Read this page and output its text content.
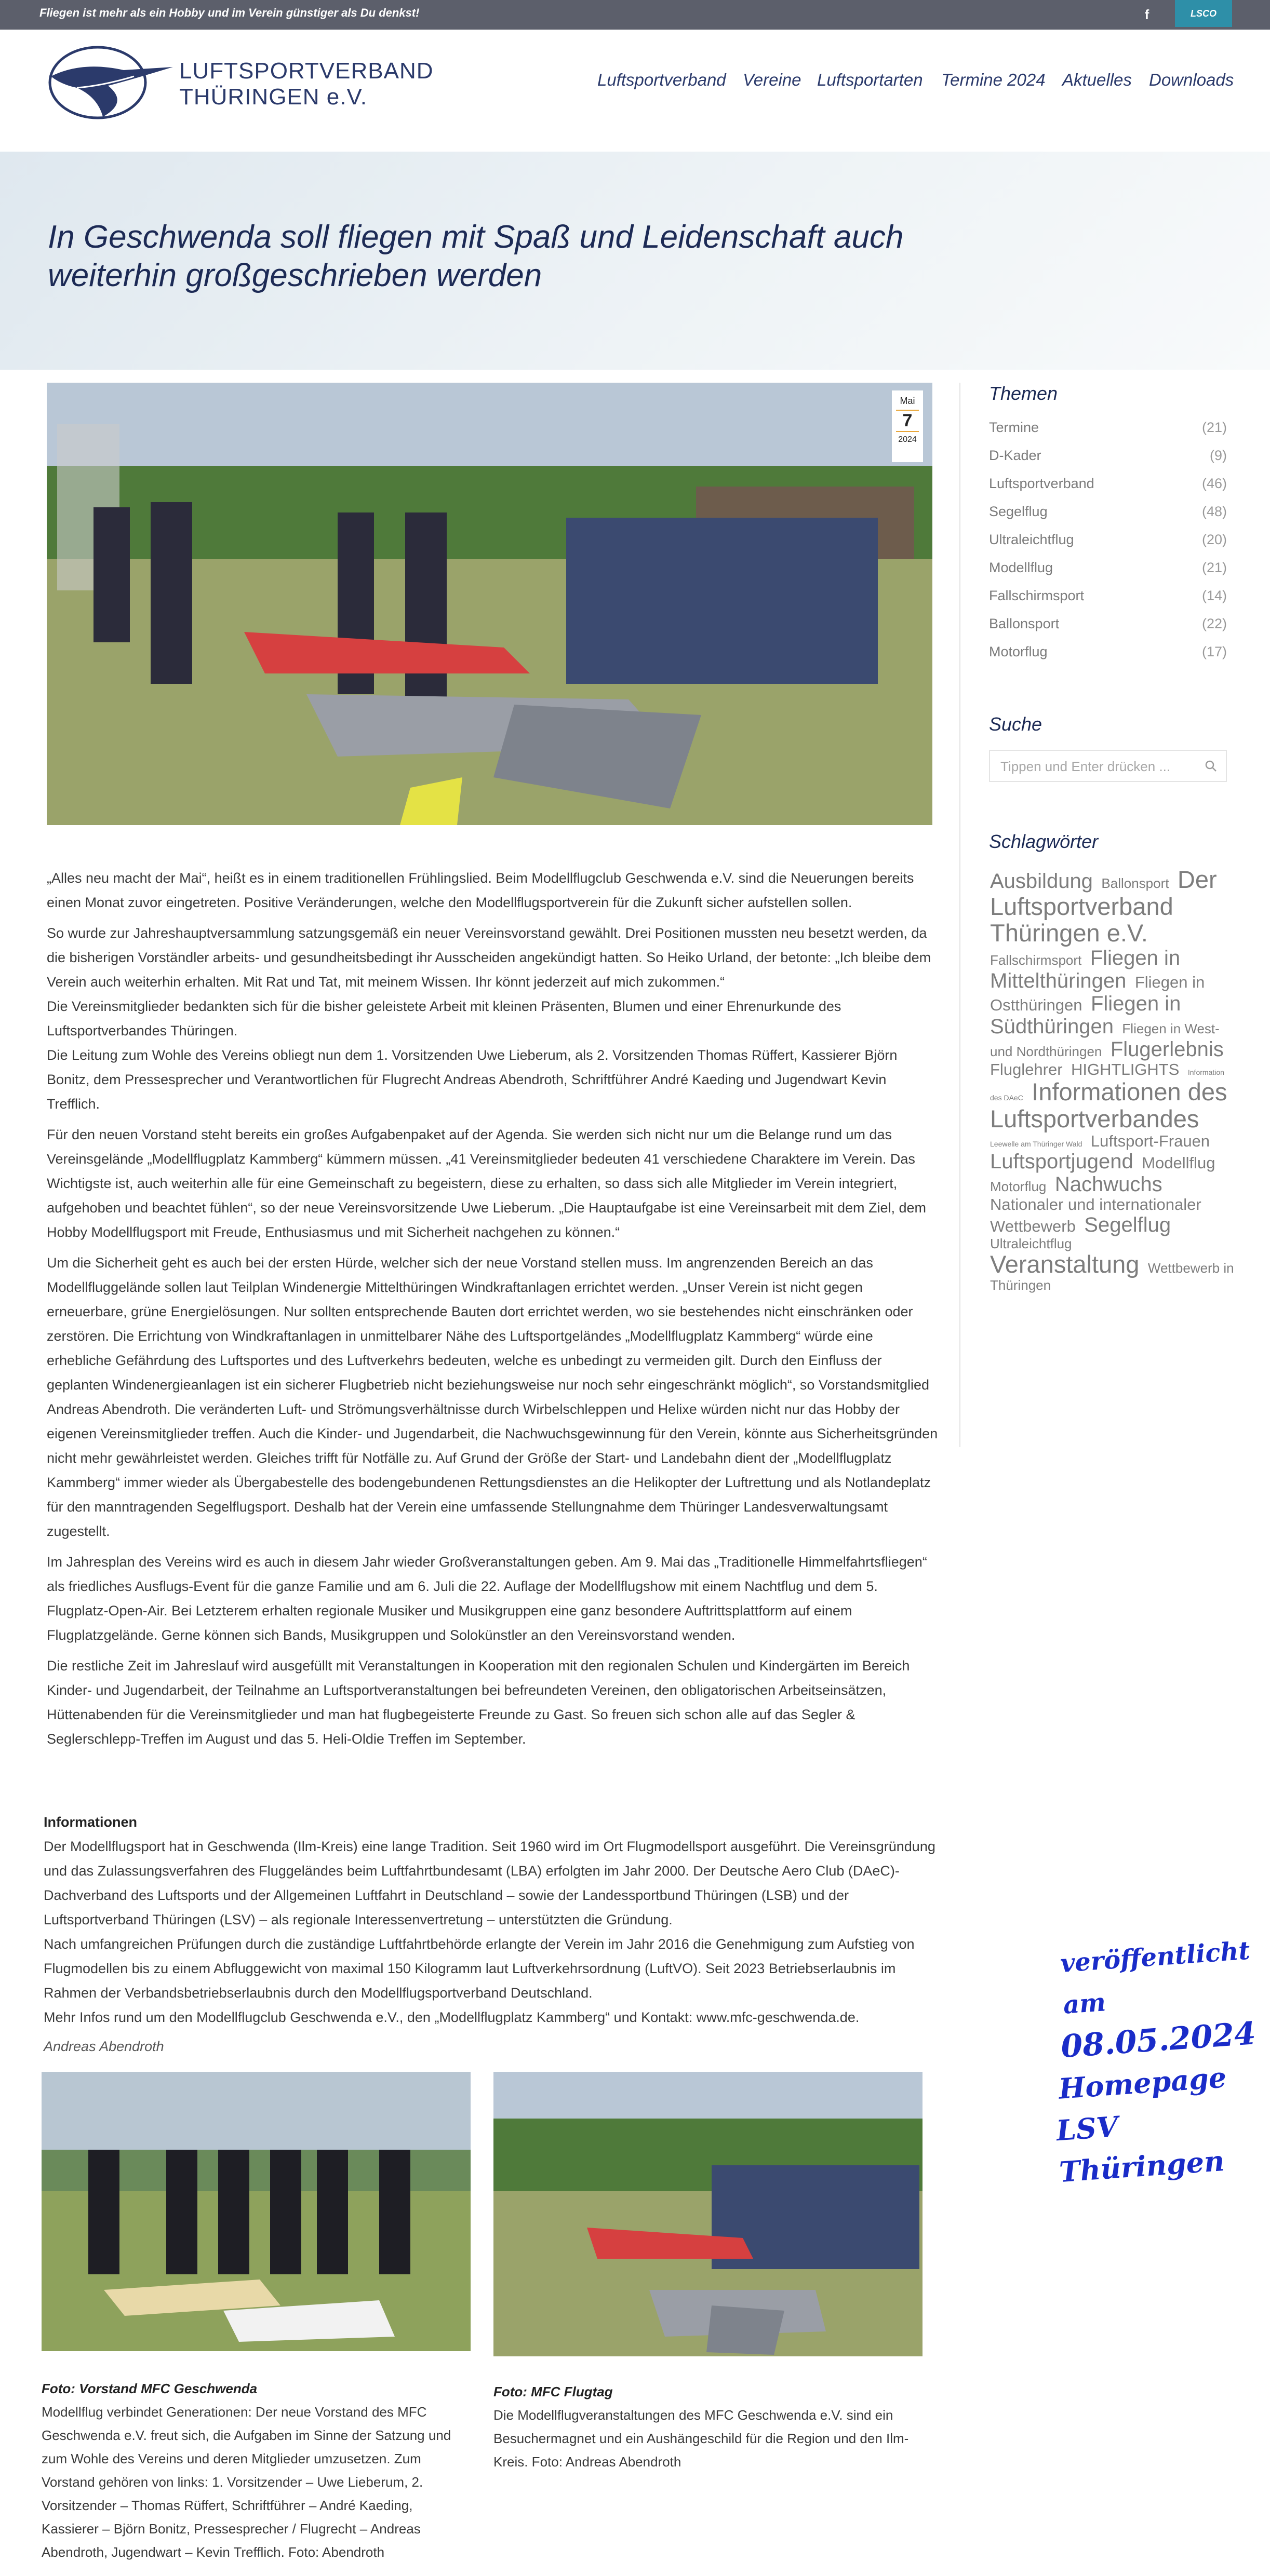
Fliegen ist mehr als ein Hobby und im Verein günstiger als Du denkst!	f	LSCO
LUFTSPORTVERBAND
THÜRINGEN e.V.
Luftsportverband Vereine Luftsportarten Termine 2024 Aktuelles Downloads
In Geschwenda soll fliegen mit Spaß und Leidenschaft auch weiterhin großgeschrieben werden
Mai
7
2024

„Alles neu macht der Mai“, heißt es in einem traditionellen Frühlingslied. Beim Modellflugclub Geschwenda e.V. sind die Neuerungen bereits einen Monat zuvor eingetreten. Positive Veränderungen, welche den Modellflugsportverein für die Zukunft sicher aufstellen sollen.

So wurde zur Jahreshauptversammlung satzungsgemäß ein neuer Vereinsvorstand gewählt. Drei Positionen mussten neu besetzt werden, da die bisherigen Vorständler arbeits- und gesundheitsbedingt ihr Ausscheiden angekündigt hatten. So Heiko Urland, der betonte: „Ich bleibe dem Verein auch weiterhin erhalten. Mit Rat und Tat, mit meinem Wissen. Ihr könnt jederzeit auf mich zukommen.“
Die Vereinsmitglieder bedankten sich für die bisher geleistete Arbeit mit kleinen Präsenten, Blumen und einer Ehrenurkunde des Luftsportverbandes Thüringen.
Die Leitung zum Wohle des Vereins obliegt nun dem 1. Vorsitzenden Uwe Lieberum, als 2. Vorsitzenden Thomas Rüffert, Kassierer Björn Bonitz, dem Pressesprecher und Verantwortlichen für Flugrecht Andreas Abendroth, Schriftführer André Kaeding und Jugendwart Kevin Trefflich.

Für den neuen Vorstand steht bereits ein großes Aufgabenpaket auf der Agenda. Sie werden sich nicht nur um die Belange rund um das Vereinsgelände „Modellflugplatz Kammberg“ kümmern müssen. „41 Vereinsmitglieder bedeuten 41 verschiedene Charaktere im Verein. Das Wichtigste ist, auch weiterhin alle für eine Gemeinschaft zu begeistern, diese zu erhalten, so dass sich alle Mitglieder im Verein integriert, aufgehoben und beachtet fühlen“, so der neue Vereinsvorsitzende Uwe Lieberum. „Die Hauptaufgabe ist eine Vereinsarbeit mit dem Ziel, dem Hobby Modellflugsport mit Freude, Enthusiasmus und mit Sicherheit nachgehen zu können.“

Um die Sicherheit geht es auch bei der ersten Hürde, welcher sich der neue Vorstand stellen muss. Im angrenzenden Bereich an das Modellfluggelände sollen laut Teilplan Windenergie Mittelthüringen Windkraftanlagen errichtet werden. „Unser Verein ist nicht gegen erneuerbare, grüne Energielösungen. Nur sollten entsprechende Bauten dort errichtet werden, wo sie bestehendes nicht einschränken oder zerstören. Die Errichtung von Windkraftanlagen in unmittelbarer Nähe des Luftsportgeländes „Modellflugplatz Kammberg“ würde eine erhebliche Gefährdung des Luftsportes und des Luftverkehrs bedeuten, welche es unbedingt zu vermeiden gilt. Durch den Einfluss der geplanten Windenergieanlagen ist ein sicherer Flugbetrieb nicht beziehungsweise nur noch sehr eingeschränkt möglich“, so Vorstandsmitglied Andreas Abendroth. Die veränderten Luft- und Strömungsverhältnisse durch Wirbelschleppen und Helixe würden nicht nur das Hobby der eigenen Vereinsmitglieder treffen. Auch die Kinder- und Jugendarbeit, die Nachwuchsgewinnung für den Verein, könnte aus Sicherheitsgründen nicht mehr gewährleistet werden. Gleiches trifft für Notfälle zu. Auf Grund der Größe der Start- und Landebahn dient der „Modellflugplatz Kammberg“ immer wieder als Übergabestelle des bodengebundenen Rettungsdienstes an die Helikopter der Luftrettung und als Notlandeplatz für den manntragenden Segelflugsport. Deshalb hat der Verein eine umfassende Stellungnahme dem Thüringer Landesverwaltungsamt zugestellt.

Im Jahresplan des Vereins wird es auch in diesem Jahr wieder Großveranstaltungen geben. Am 9. Mai das „Traditionelle Himmelfahrtsfliegen“ als friedliches Ausflugs-Event für die ganze Familie und am 6. Juli die 22. Auflage der Modellflugshow mit einem Nachtflug und dem 5. Flugplatz-Open-Air. Bei Letzterem erhalten regionale Musiker und Musikgruppen eine ganz besondere Auftrittsplattform auf einem Flugplatzgelände. Gerne können sich Bands, Musikgruppen und Solokünstler an den Vereinsvorstand wenden.

Die restliche Zeit im Jahreslauf wird ausgefüllt mit Veranstaltungen in Kooperation mit den regionalen Schulen und Kindergärten im Bereich Kinder- und Jugendarbeit, der Teilnahme an Luftsportveranstaltungen bei befreundeten Vereinen, den obligatorischen Arbeitseinsätzen, Hüttenabenden für die Vereinsmitglieder und man hat flugbegeisterte Freunde zu Gast. So freuen sich schon alle auf das Segler & Seglerschlepp-Treffen im August und das 5. Heli-Oldie Treffen im September.

Informationen
Der Modellflugsport hat in Geschwenda (Ilm-Kreis) eine lange Tradition. Seit 1960 wird im Ort Flugmodellsport ausgeführt. Die Vereinsgründung und das Zulassungsverfahren des Fluggeländes beim Luftfahrtbundesamt (LBA) erfolgten im Jahr 2000. Der Deutsche Aero Club (DAeC)- Dachverband des Luftsports und der Allgemeinen Luftfahrt in Deutschland – sowie der Landessportbund Thüringen (LSB) und der Luftsportverband Thüringen (LSV) – als regionale Interessenvertretung – unterstützten die Gründung.
Nach umfangreichen Prüfungen durch die zuständige Luftfahrtbehörde erlangte der Verein im Jahr 2016 die Genehmigung zum Aufstieg von Flugmodellen bis zu einem Abfluggewicht von maximal 150 Kilogramm laut Luftverkehrsordnung (LuftVO). Seit 2023 Betriebserlaubnis im Rahmen der Verbandsbetriebserlaubnis durch den Modellflugsportverband Deutschland.
Mehr Infos rund um den Modellflugclub Geschwenda e.V., den „Modellflugplatz Kammberg“ und Kontakt: www.mfc-geschwenda.de.
Andreas Abendroth
Foto: Vorstand MFC Geschwenda
Modellflug verbindet Generationen: Der neue Vorstand des MFC Geschwenda e.V. freut sich, die Aufgaben im Sinne der Satzung und zum Wohle des Vereins und deren Mitglieder umzusetzen. Zum Vorstand gehören von links: 1. Vorsitzender – Uwe Lieberum, 2. Vorsitzender – Thomas Rüffert, Schriftführer – André Kaeding, Kassierer – Björn Bonitz, Pressesprecher / Flugrecht – Andreas Abendroth, Jugendwart – Kevin Trefflich. Foto: Abendroth
Foto: MFC Flugtag
Die Modellflugveranstaltungen des MFC Geschwenda e.V. sind ein Besuchermagnet und ein Aushängeschild für die Region und den Ilm-Kreis. Foto: Andreas Abendroth
veröffentlicht am
08.05.2024
Homepage
LSV Thüringen
Themen
Termine	(21)
D-Kader	(9)
Luftsportverband	(46)
Segelflug	(48)
Ultraleichtflug	(20)
Modellflug	(21)
Fallschirmsport	(14)
Ballonsport	(22)
Motorflug	(17)
Suche
Tippen und Enter drücken ...
Schlagwörter
Ausbildung Ballonsport Der Luftsportverband Thüringen e.V. Fallschirmsport Fliegen in Mittelthüringen Fliegen in Ostthüringen Fliegen in Südthüringen Fliegen in West- und Nordthüringen Flugerlebnis Fluglehrer HIGHTLIGHTS Information des DAeC Informationen des Luftsportverbandes Leewelle am Thüringer Wald Luftsport-Frauen Luftsportjugend Modellflug Motorflug Nachwuchs Nationaler und internationaler Wettbewerb Segelflug Ultraleichtflug Veranstaltung Wettbewerb in Thüringen
